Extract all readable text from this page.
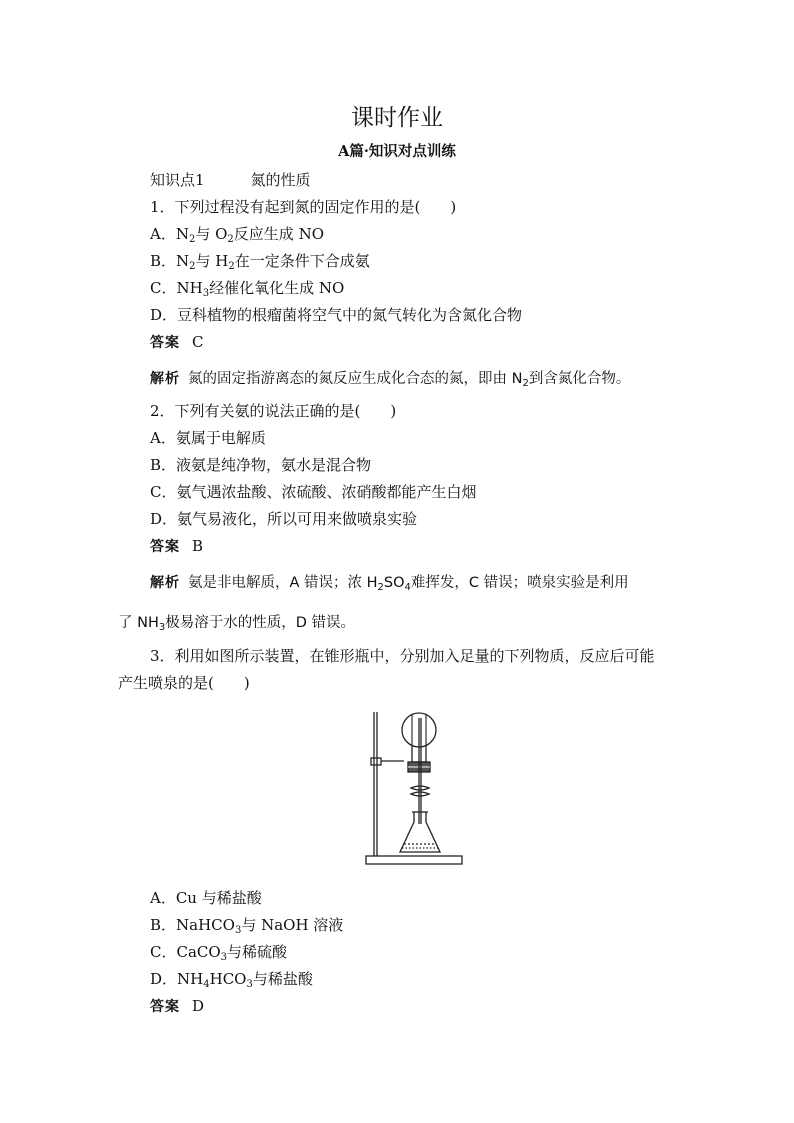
课时作业
A篇·知识对点训练
知识点1	氮的性质
1．下列过程没有起到氮的固定作用的是(　　)
A．$N_2$与 $O_2$反应生成 NO
B．$N_2$与 $H_2$在一定条件下合成氨
C．$NH_3$经催化氧化生成 NO
D．豆科植物的根瘤菌将空气中的氮气转化为含氮化合物
答案 C
解析 氮的固定指游离态的氮反应生成化合态的氮，即由 $N_2$到含氮化合物。
2．下列有关氨的说法正确的是(　　)
A．氨属于电解质
B．液氨是纯净物，氨水是混合物
C．氨气遇浓盐酸、浓硫酸、浓硝酸都能产生白烟
D．氨气易液化，所以可用来做喷泉实验
答案 B
解析 氨是非电解质，A 错误；浓 $H_2SO_4$难挥发，C 错误；喷泉实验是利用
了 $NH_3$极易溶于水的性质，D 错误。
3．利用如图所示装置，在锥形瓶中，分别加入足量的下列物质，反应后可能
产生喷泉的是(　　)
A．Cu 与稀盐酸
B．NaHCO$_3$与 NaOH 溶液
C．CaCO$_3$与稀硫酸
D．$NH_4HCO_3$与稀盐酸
答案 D
